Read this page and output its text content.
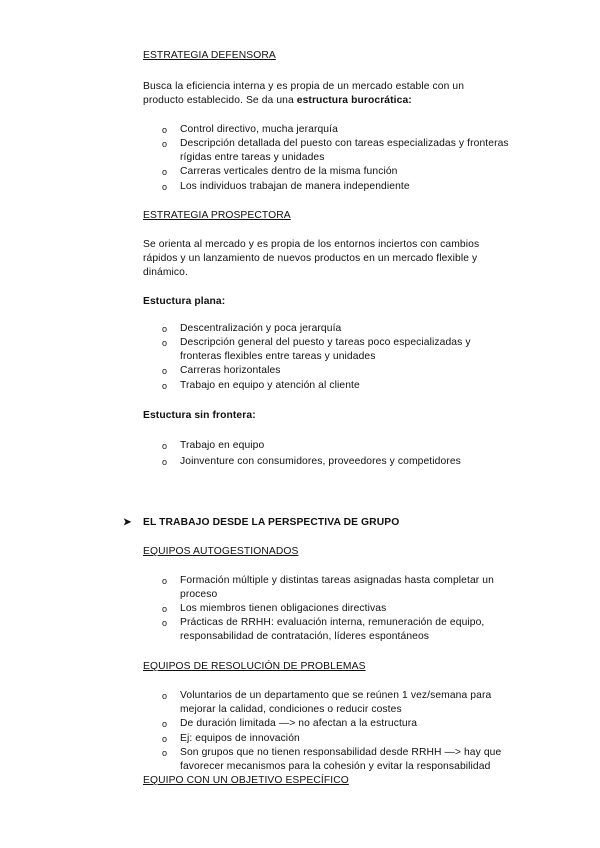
ESTRATEGIA DEFENSORA
Busca la eficiencia interna y es propia de un mercado estable con un
producto establecido. Se da una estructura burocrática:
o Control directivo, mucha jerarquía
o Descripción detallada del puesto con tareas especializadas y fronteras
rígidas entre tareas y unidades
o Carreras verticales dentro de la misma función
o Los individuos trabajan de manera independiente
ESTRATEGIA PROSPECTORA
Se orienta al mercado y es propia de los entornos inciertos con cambios
rápidos y un lanzamiento de nuevos productos en un mercado flexible y
dinámico.
Estuctura plana:
o Descentralización y poca jerarquía
o Descripción general del puesto y tareas poco especializadas y
fronteras flexibles entre tareas y unidades
o Carreras horizontales
o Trabajo en equipo y atención al cliente
Estuctura sin frontera:
o Trabajo en equipo
o Joinventure con consumidores, proveedores y competidores
➤ EL TRABAJO DESDE LA PERSPECTIVA DE GRUPO
EQUIPOS AUTOGESTIONADOS
o Formación múltiple y distintas tareas asignadas hasta completar un
proceso
o Los miembros tienen obligaciones directivas
o Prácticas de RRHH: evaluación interna, remuneración de equipo,
responsabilidad de contratación, líderes espontáneos
EQUIPOS DE RESOLUCIÓN DE PROBLEMAS
o Voluntarios de un departamento que se reúnen 1 vez/semana para
mejorar la calidad, condiciones o reducir costes
o De duración limitada —> no afectan a la estructura
o Ej: equipos de innovación
o Son grupos que no tienen responsabilidad desde RRHH —> hay que
favorecer mecanismos para la cohesión y evitar la responsabilidad
EQUIPO CON UN OBJETIVO ESPECÍFICO
